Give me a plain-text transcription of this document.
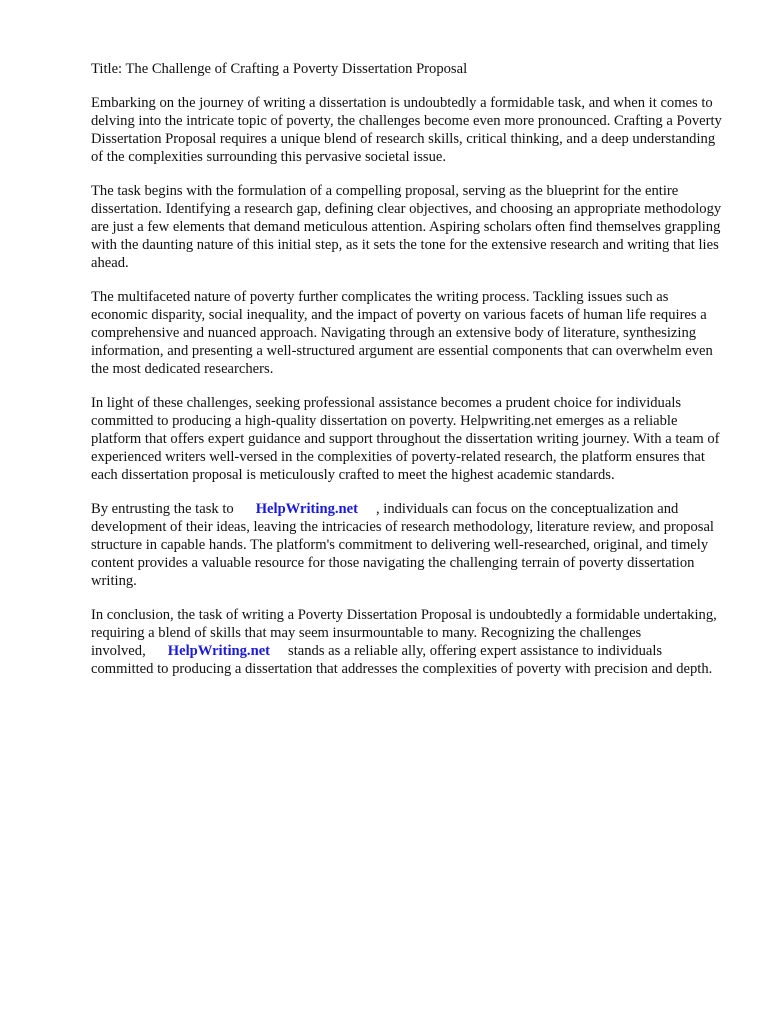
Title: The Challenge of Crafting a Poverty Dissertation Proposal

Embarking on the journey of writing a dissertation is undoubtedly a formidable task, and when it comes to delving into the intricate topic of poverty, the challenges become even more pronounced. Crafting a Poverty Dissertation Proposal requires a unique blend of research skills, critical thinking, and a deep understanding of the complexities surrounding this pervasive societal issue.

The task begins with the formulation of a compelling proposal, serving as the blueprint for the entire dissertation. Identifying a research gap, defining clear objectives, and choosing an appropriate methodology are just a few elements that demand meticulous attention. Aspiring scholars often find themselves grappling with the daunting nature of this initial step, as it sets the tone for the extensive research and writing that lies ahead.

The multifaceted nature of poverty further complicates the writing process. Tackling issues such as economic disparity, social inequality, and the impact of poverty on various facets of human life requires a comprehensive and nuanced approach. Navigating through an extensive body of literature, synthesizing information, and presenting a well-structured argument are essential components that can overwhelm even the most dedicated researchers.

In light of these challenges, seeking professional assistance becomes a prudent choice for individuals committed to producing a high-quality dissertation on poverty. Helpwriting.net emerges as a reliable platform that offers expert guidance and support throughout the dissertation writing journey. With a team of experienced writers well-versed in the complexities of poverty-related research, the platform ensures that each dissertation proposal is meticulously crafted to meet the highest academic standards.

By entrusting the task to HelpWriting.net , individuals can focus on the conceptualization and development of their ideas, leaving the intricacies of research methodology, literature review, and proposal structure in capable hands. The platform's commitment to delivering well-researched, original, and timely content provides a valuable resource for those navigating the challenging terrain of poverty dissertation writing.

In conclusion, the task of writing a Poverty Dissertation Proposal is undoubtedly a formidable undertaking, requiring a blend of skills that may seem insurmountable to many. Recognizing the challenges involved, HelpWriting.net stands as a reliable ally, offering expert assistance to individuals committed to producing a dissertation that addresses the complexities of poverty with precision and depth.
